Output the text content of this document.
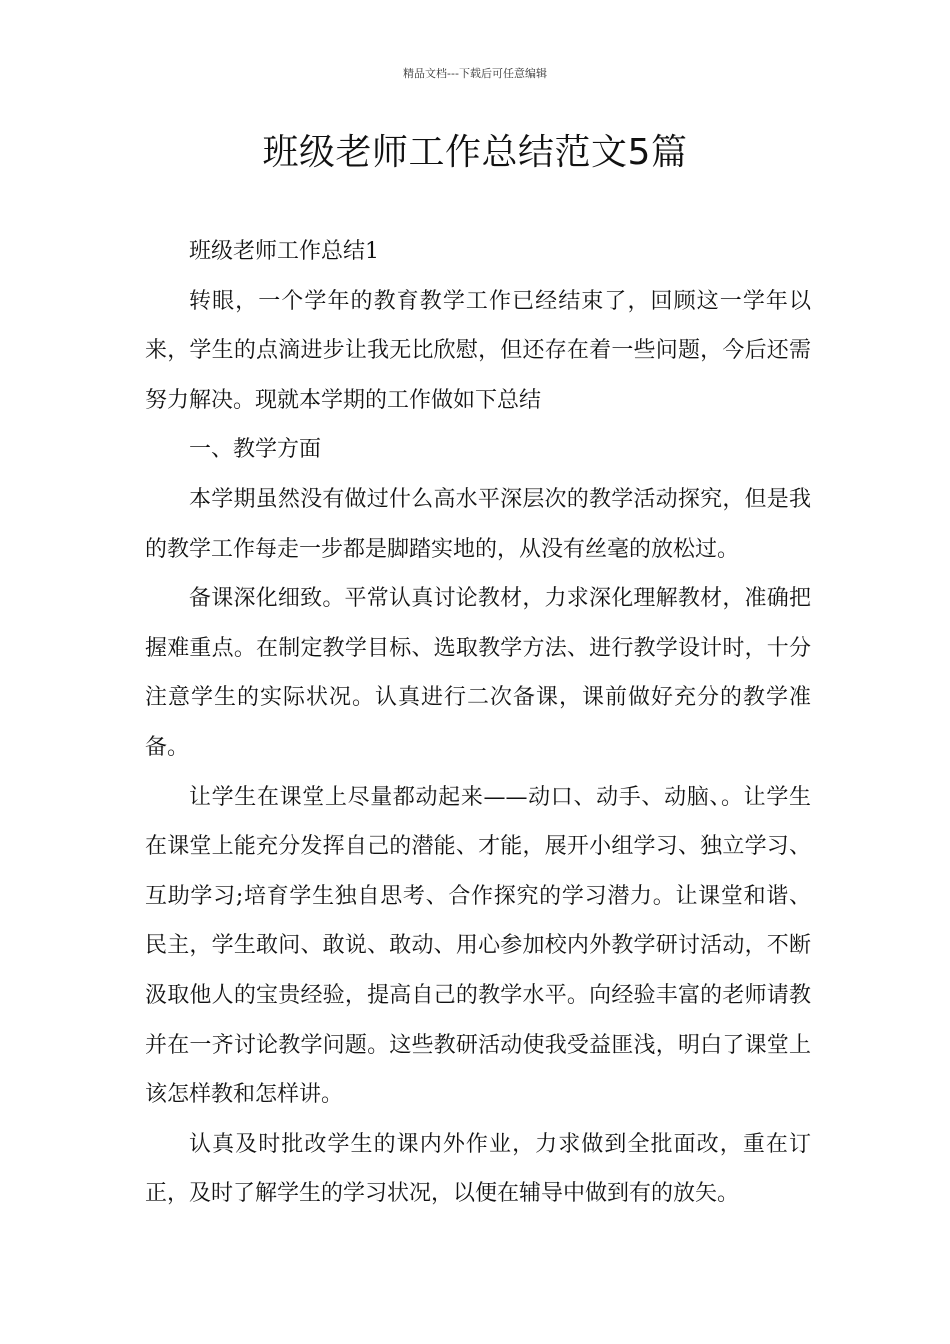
精品文档---下载后可任意编辑
班级老师工作总结范文5篇

班级老师工作总结1

转眼，一个学年的教育教学工作已经结束了，回顾这一学年以来，学生的点滴进步让我无比欣慰，但还存在着一些问题，今后还需努力解决。现就本学期的工作做如下总结

一、教学方面

本学期虽然没有做过什么高水平深层次的教学活动探究，但是我的教学工作每走一步都是脚踏实地的，从没有丝毫的放松过。

备课深化细致。平常认真讨论教材，力求深化理解教材，准确把握难重点。在制定教学目标、选取教学方法、进行教学设计时，十分注意学生的实际状况。认真进行二次备课，课前做好充分的教学准备。

让学生在课堂上尽量都动起来——动口、动手、动脑、。让学生在课堂上能充分发挥自己的潜能、才能，展开小组学习、独立学习、互助学习;培育学生独自思考、合作探究的学习潜力。让课堂和谐、民主，学生敢问、敢说、敢动、用心参加校内外教学研讨活动，不断汲取他人的宝贵经验，提高自己的教学水平。向经验丰富的老师请教并在一齐讨论教学问题。这些教研活动使我受益匪浅，明白了课堂上该怎样教和怎样讲。

认真及时批改学生的课内外作业，力求做到全批面改，重在订正，及时了解学生的学习状况，以便在辅导中做到有的放矢。
